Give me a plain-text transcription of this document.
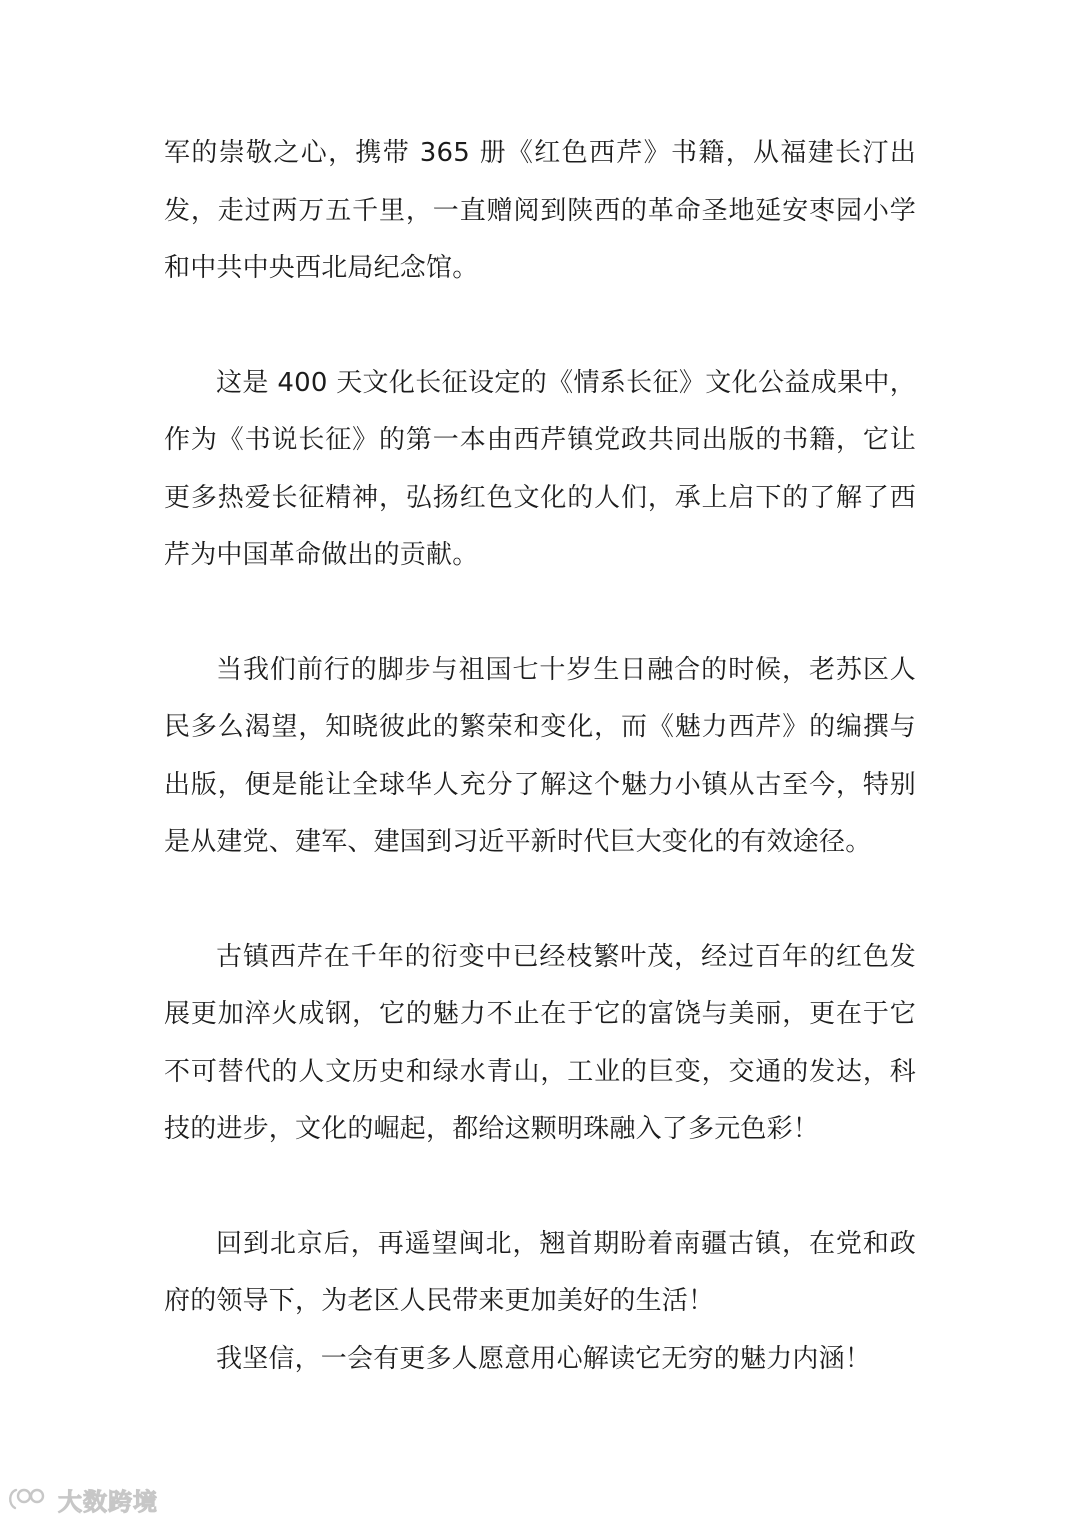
军的崇敬之心，携带 365 册《红色西芹》书籍，从福建长汀出发，走过两万五千里，一直赠阅到陕西的革命圣地延安枣园小学和中共中央西北局纪念馆。

这是 400 天文化长征设定的《情系长征》文化公益成果中，作为《书说长征》的第一本由西芹镇党政共同出版的书籍，它让更多热爱长征精神，弘扬红色文化的人们，承上启下的了解了西芹为中国革命做出的贡献。

当我们前行的脚步与祖国七十岁生日融合的时候，老苏区人民多么渴望，知晓彼此的繁荣和变化，而《魅力西芹》的编撰与出版，便是能让全球华人充分了解这个魅力小镇从古至今，特别是从建党、建军、建国到习近平新时代巨大变化的有效途径。

古镇西芹在千年的衍变中已经枝繁叶茂，经过百年的红色发展更加淬火成钢，它的魅力不止在于它的富饶与美丽，更在于它不可替代的人文历史和绿水青山，工业的巨变，交通的发达，科技的进步，文化的崛起，都给这颗明珠融入了多元色彩！

回到北京后，再遥望闽北，翘首期盼着南疆古镇，在党和政府的领导下，为老区人民带来更加美好的生活！

我坚信，一会有更多人愿意用心解读它无穷的魅力内涵！

大数跨境
